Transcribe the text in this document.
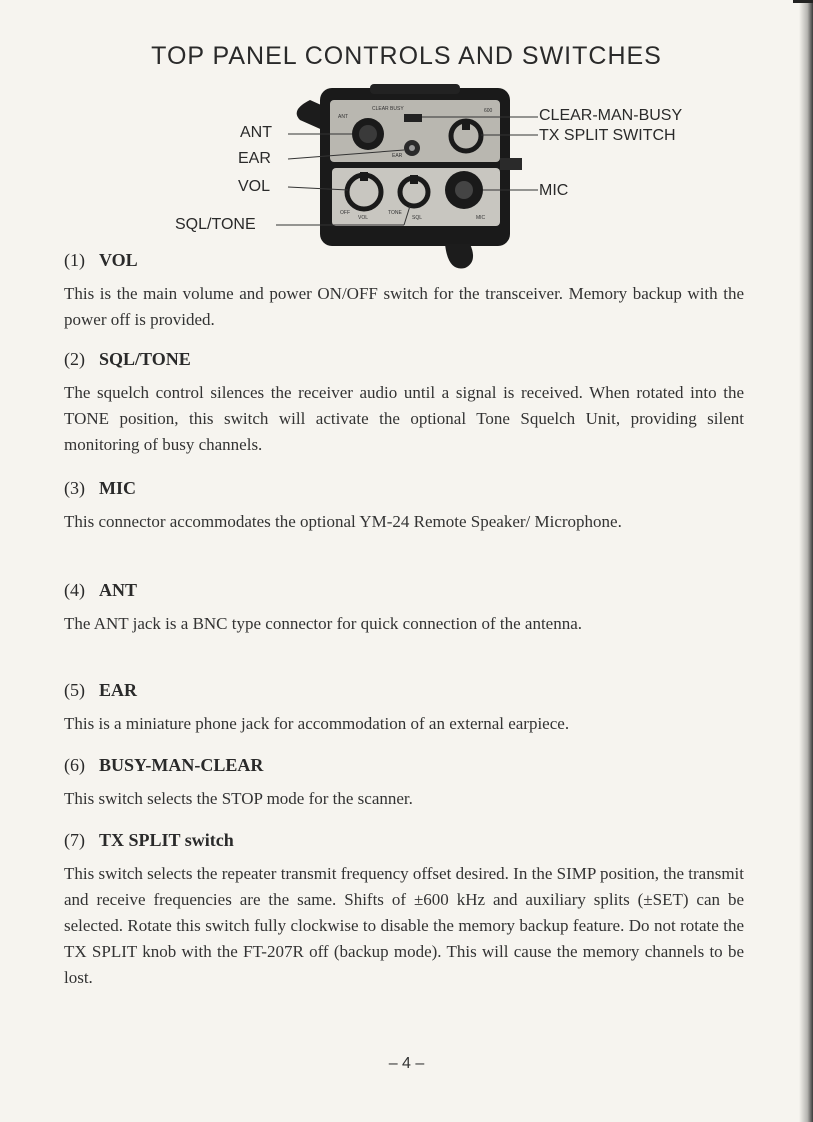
TOP PANEL CONTROLS AND SWITCHES
CLEAR BUSY	600
ANT
EAR
OFF
VOL
TONE
SQL	MIC
ANT
EAR
VOL
SQL/TONE
CLEAR-MAN-BUSY
TX SPLIT SWITCH
MIC
(1) VOL

This is the main volume and power ON/OFF switch for the transceiver. Memory backup with the power off is provided.

(2) SQL/TONE

The squelch control silences the receiver audio until a signal is received. When rotated into the TONE position, this switch will activate the optional Tone Squelch Unit, providing silent monitoring of busy channels.

(3) MIC

This connector accommodates the optional YM-24 Remote Speaker/ Microphone.

(4) ANT

The ANT jack is a BNC type connector for quick connection of the antenna.

(5) EAR

This is a miniature phone jack for accommodation of an external earpiece.

(6) BUSY-MAN-CLEAR

This switch selects the STOP mode for the scanner.

(7) TX SPLIT switch

This switch selects the repeater transmit frequency offset desired. In the SIMP position, the transmit and receive frequencies are the same. Shifts of ±600 kHz and auxiliary splits (±SET) can be selected. Rotate this switch fully clockwise to disable the memory backup feature. Do not rotate the TX SPLIT knob with the FT-207R off (backup mode). This will cause the memory channels to be lost.

– 4 –
